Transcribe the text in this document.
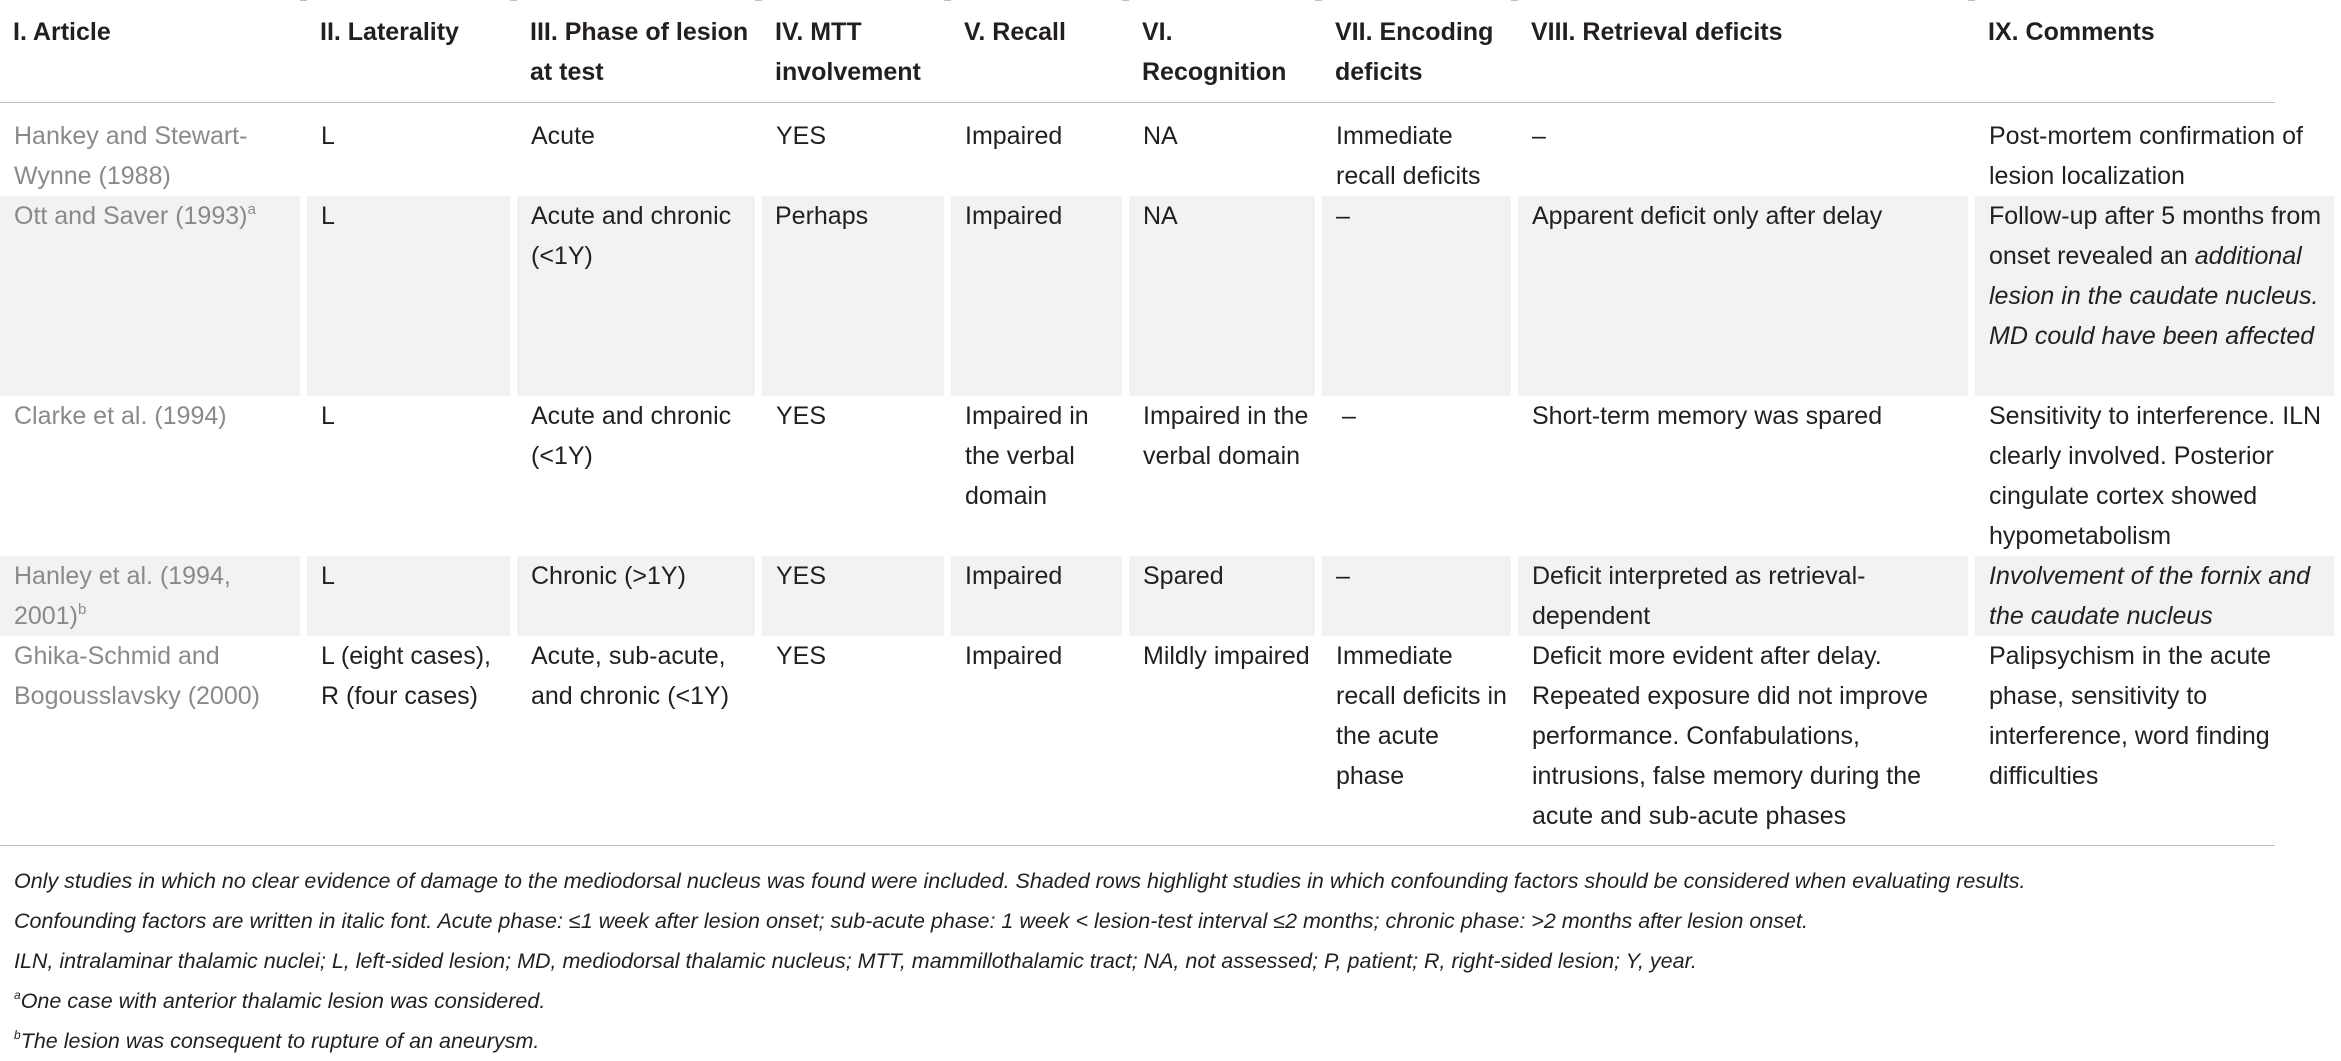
I. Article	II. Laterality	III. Phase of lesion at test	IV. MTT involvement	V. Recall	VI. Recognition	VII. Encoding deficits	VIII. Retrieval deficits	IX. Comments

Hankey and Stewart-Wynne (1988)	L	Acute	YES	Impaired	NA	Immediate recall deficits	–	Post-mortem confirmation of lesion localization
Ott and Saver $(1993)^a$	L	Acute and chronic (<1Y)	Perhaps	Impaired	NA	–	Apparent deficit only after delay	Follow-up after 5 months from onset revealed an additional lesion in the caudate nucleus. MD could have been affected
Clarke et al. (1994)	L	Acute and chronic (<1Y)	YES	Impaired in the verbal domain	Impaired in the verbal domain	–	Short-term memory was spared	Sensitivity to interference. ILN clearly involved. Posterior cingulate cortex showed hypometabolism
Hanley et al. (1994, 2001)$^b$	L	Chronic (>1Y)	YES	Impaired	Spared	–	Deficit interpreted as retrieval-dependent	Involvement of the fornix and the caudate nucleus
Ghika-Schmid and Bogousslavsky (2000)	L (eight cases), R (four cases)	Acute, sub-acute, and chronic (<1Y)	YES	Impaired	Mildly impaired	Immediate recall deficits in the acute phase	Deficit more evident after delay. Repeated exposure did not improve performance. Confabulations, intrusions, false memory during the acute and sub-acute phases	Palipsychism in the acute phase, sensitivity to interference, word finding difficulties

Only studies in which no clear evidence of damage to the mediodorsal nucleus was found were included. Shaded rows highlight studies in which confounding factors should be considered when evaluating results.

Confounding factors are written in italic font. Acute phase: ≤1 week after lesion onset; sub-acute phase: 1 week < lesion-test interval ≤2 months; chronic phase: >2 months after lesion onset.

ILN, intralaminar thalamic nuclei; L, left-sided lesion; MD, mediodorsal thalamic nucleus; MTT, mammillothalamic tract; NA, not assessed; P, patient; R, right-sided lesion; Y, year.

$^a$One case with anterior thalamic lesion was considered.

$^b$The lesion was consequent to rupture of an aneurysm.
